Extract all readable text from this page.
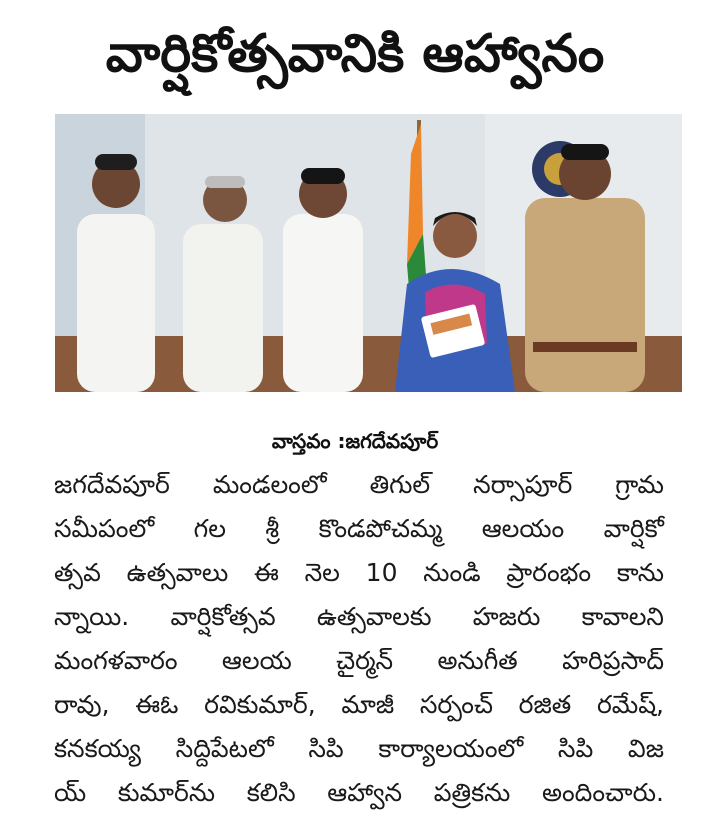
వార్షికోత్సవానికి ఆహ్వానం
వాస్తవం :జగదేవపూర్
జగదేవపూర్ మండలంలో తిగుల్ నర్సాపూర్ గ్రామ
సమీపంలో గల శ్రీ కొండపోచమ్మ ఆలయం వార్షికో
త్సవ ఉత్సవాలు ఈ నెల 10 నుండి ప్రారంభం కాను
న్నాయి. వార్షికోత్సవ ఉత్సవాలకు హజరు కావాలని
మంగళవారం ఆలయ చైర్మన్ అనుగీత హరిప్రసాద్
రావు, ఈఓ రవికుమార్, మాజీ సర్పంచ్ రజిత రమేష్,
కనకయ్య సిద్దిపేటలో సిపి కార్యాలయంలో సిపి విజ
య్ కుమార్‌ను కలిసి ఆహ్వాన పత్రికను అందించారు.
